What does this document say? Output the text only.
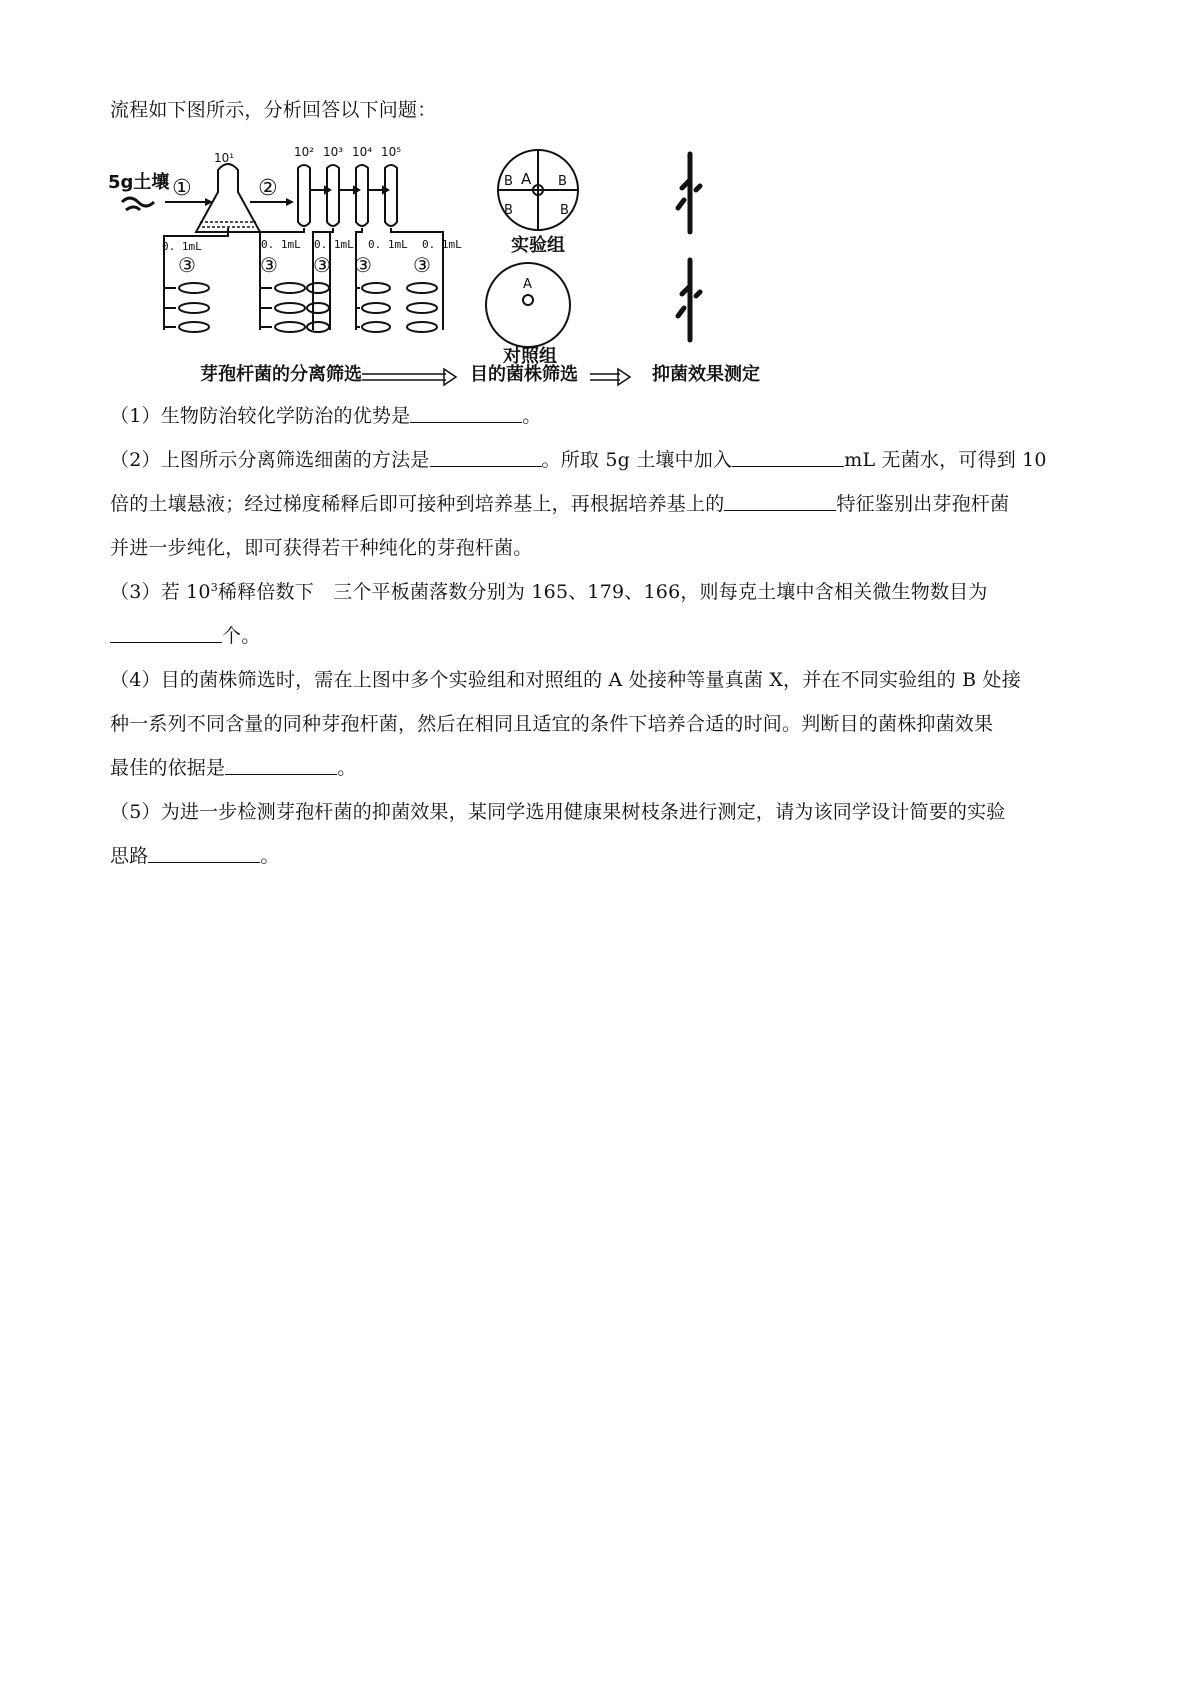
流程如下图所示，分析回答以下问题：
5g土壤 ①
10¹
②
10² 10³ 10⁴ 10⁵
0. 1mL	0. 1mL 0. 1mL 0. 1mL 0. 1mL
③	③ ③ ③ ③
A
B	B
B	B
实验组
A
对照组
芽孢杆菌的分离筛选	目的菌株筛选	抑菌效果测定
（1）生物防治较化学防治的优势是	。
（2）上图所示分离筛选细菌的方法是	。所取 5g 土壤中加入	mL 无菌水，可得到 10
倍的土壤悬液；经过梯度稀释后即可接种到培养基上，再根据培养基上的	特征鉴别出芽孢杆菌
并进一步纯化，即可获得若干种纯化的芽孢杆菌。
（3）若 $10^3$稀释倍数下　三个平板菌落数分别为 165、179、166，则每克土壤中含相关微生物数目为
个。
（4）目的菌株筛选时，需在上图中多个实验组和对照组的 A 处接种等量真菌 X，并在不同实验组的 B 处接
种一系列不同含量的同种芽孢杆菌，然后在相同且适宜的条件下培养合适的时间。判断目的菌株抑菌效果
最佳的依据是	。
（5）为进一步检测芽孢杆菌的抑菌效果，某同学选用健康果树枝条进行测定，请为该同学设计简要的实验
思路	。
